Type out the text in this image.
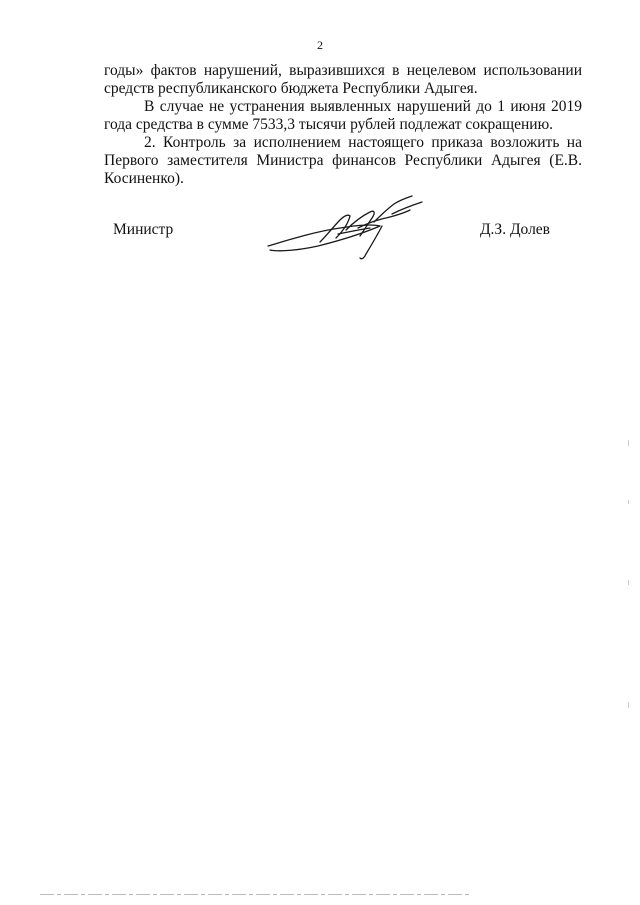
2

годы» фактов нарушений, выразившихся в нецелевом использовании средств республиканского бюджета Республики Адыгея.

В случае не устранения выявленных нарушений до 1 июня 2019 года средства в сумме 7533,3 тысячи рублей подлежат сокращению.

2. Контроль за исполнением настоящего приказа возложить на Первого заместителя Министра финансов Республики Адыгея (Е.В. Косиненко).

Министр	Д.З. Долев
